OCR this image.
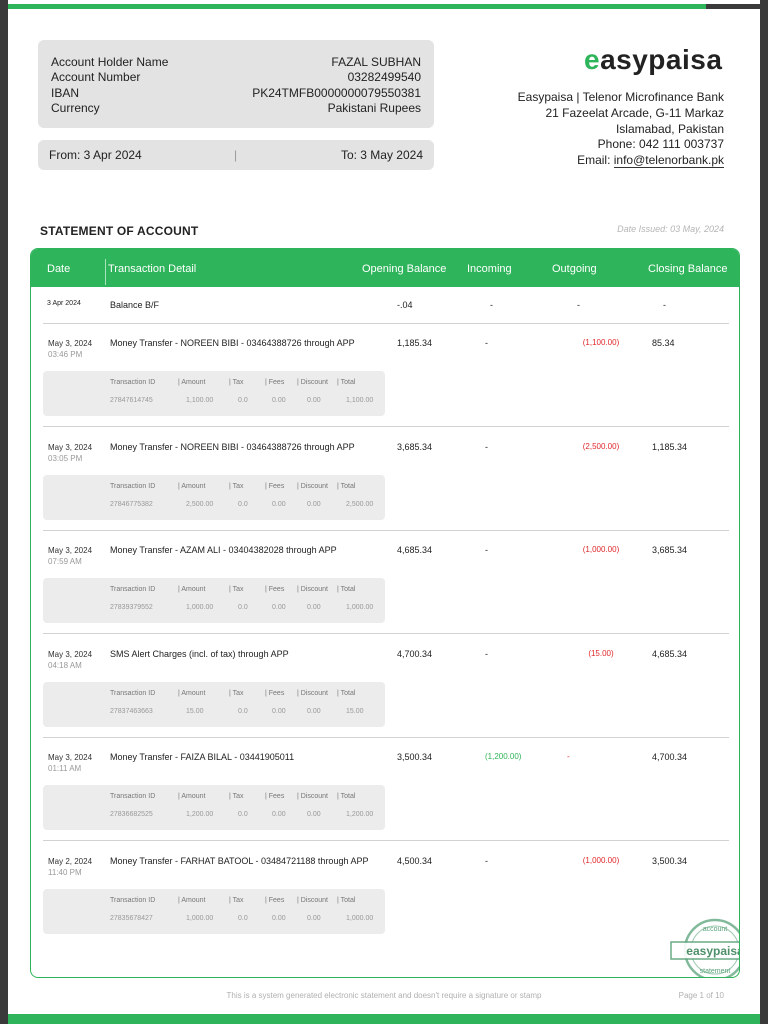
Account Holder Name	FAZAL SUBHAN
Account Number	03282499540
IBAN	PK24TMFB0000000079550381
Currency	Pakistani Rupees
From: 3 Apr 2024	|	To: 3 May 2024
easypaisa
Easypaisa | Telenor Microfinance Bank
21 Fazeelat Arcade, G-11 Markaz
Islamabad, Pakistan
Phone: 042 111 003737
Email: info@telenorbank.pk
STATEMENT OF ACCOUNT	Date Issued: 03 May, 2024
Date	Transaction Detail	Opening Balance Incoming	Outgoing	Closing Balance
3 Apr 2024	Balance B/F	-.04	-	-	-
May 3, 2024
03:46 PM
Money Transfer - NOREEN BIBI - 03464388726 through APP	1,185.34	-	(1,100.00)	85.34
Transaction ID	| Amount	| Tax	| Fees | Discount | Total
27847614745	1,100.00	0.0	0.00	0.00	1,100.00
May 3, 2024
03:05 PM
Money Transfer - NOREEN BIBI - 03464388726 through APP	3,685.34	-	(2,500.00)	1,185.34
Transaction ID	| Amount	| Tax	| Fees | Discount | Total
27846775382	2,500.00	0.0	0.00	0.00	2,500.00
May 3, 2024
07:59 AM
Money Transfer - AZAM ALI - 03404382028 through APP	4,685.34	-	(1,000.00)	3,685.34
Transaction ID	| Amount	| Tax	| Fees | Discount | Total
27839379552	1,000.00	0.0	0.00	0.00	1,000.00
May 3, 2024
04:18 AM
SMS Alert Charges (incl. of tax) through APP	4,700.34	-	(15.00)	4,685.34
Transaction ID	| Amount	| Tax	| Fees | Discount | Total
27837463663	15.00	0.0	0.00	0.00	15.00
May 3, 2024
01:11 AM
Money Transfer - FAIZA BILAL - 03441905011	3,500.34	(1,200.00)	-	4,700.34
Transaction ID	| Amount	| Tax	| Fees | Discount | Total
27836682525	1,200.00	0.0	0.00	0.00	1,200.00
May 2, 2024
11:40 PM
Money Transfer - FARHAT BATOOL - 03484721188 through APP	4,500.34	-	(1,000.00)	3,500.34
Transaction ID	| Amount	| Tax	| Fees | Discount | Total
27835678427	1,000.00	0.0	0.00	0.00	1,000.00
account
easypaisa
statement
This is a system generated electronic statement and doesn't require a signature or stamp	Page 1 of 10
